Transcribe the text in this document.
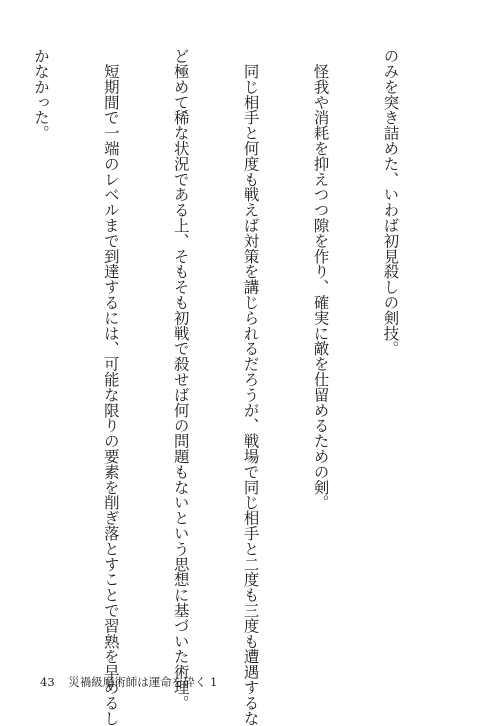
のみを突き詰めた、いわば初見殺しの剣技。

　怪我や消耗を抑えつつ隙を作り、確実に敵を仕留めるための剣。

　同じ相手と何度も戦えば対策を講じられるだろうが、戦場で同じ相手と二度も三度も遭遇するな

ど極めて稀な状況である上、そもそも初戦で殺せば何の問題もないという思想に基づいた術理。

　短期間で一端のレベルまで到達するには、可能な限りの要素を削ぎ落とすことで習熟を早めるし

かなかった。

43 災禍級魔術師は運命を砕く 1
